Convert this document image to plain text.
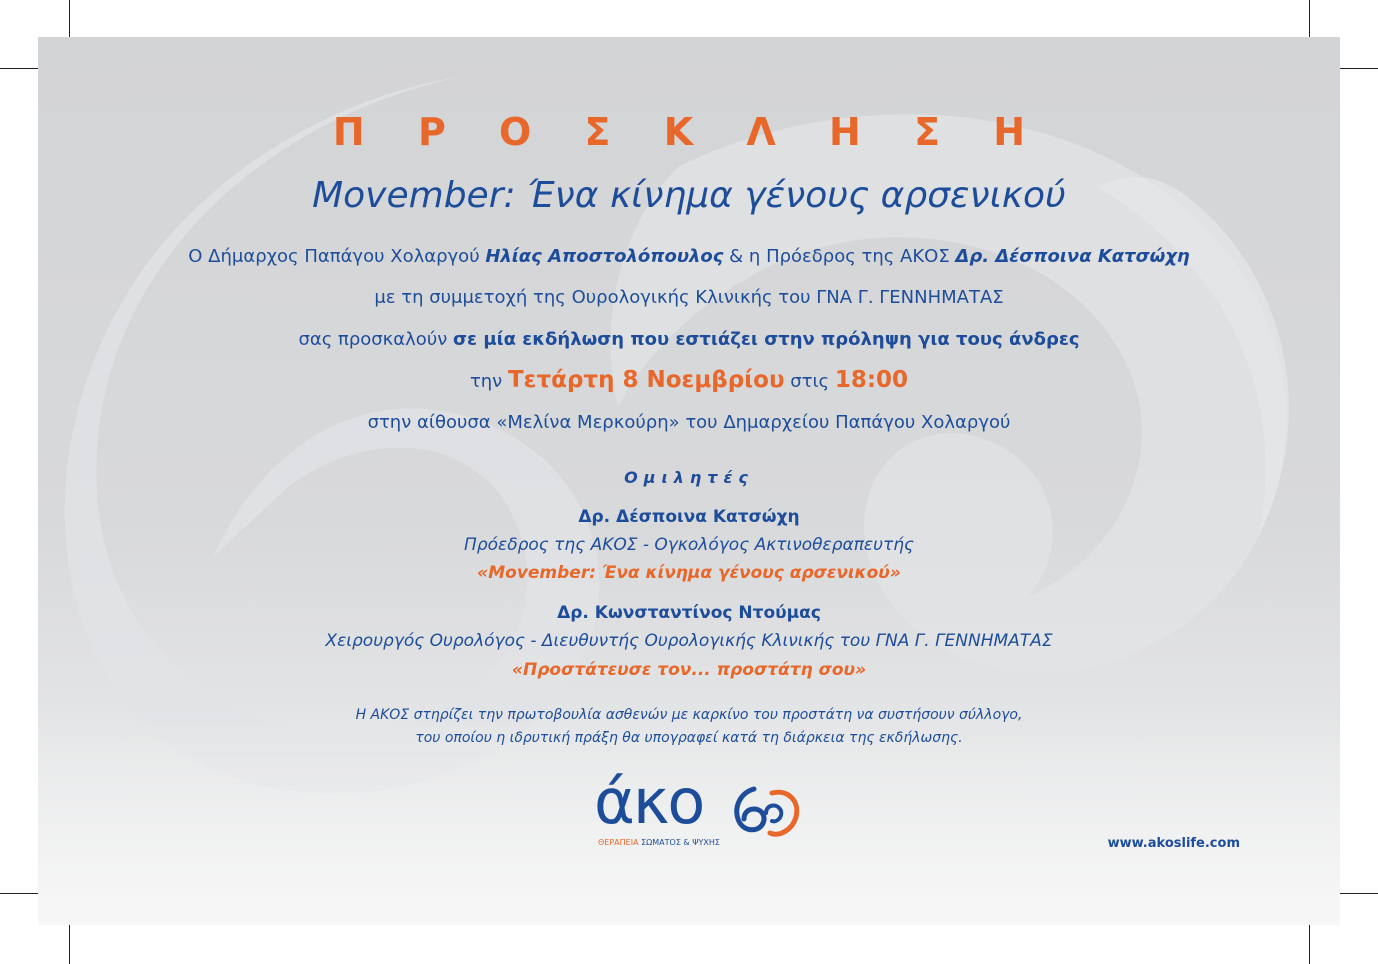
Π Ρ Ο Σ Κ Λ Η Σ Η
Movember: Ένα κίνημα γένους αρσενικού
Ο Δήμαρχος Παπάγου Χολαργού Ηλίας Αποστολόπουλος & η Πρόεδρος της ΑΚΟΣ Δρ. Δέσποινα Κατσώχη
με τη συμμετοχή της Ουρολογικής Κλινικής του ΓΝΑ Γ. ΓΕΝΝΗΜΑΤΑΣ
σας προσκαλούν σε μία εκδήλωση που εστιάζει στην πρόληψη για τους άνδρες
την Τετάρτη 8 Νοεμβρίου στις 18:00
στην αίθουσα «Μελίνα Μερκούρη» του Δημαρχείου Παπάγου Χολαργού
Ομιλητές
Δρ. Δέσποινα Κατσώχη
Πρόεδρος της ΑΚΟΣ - Ογκολόγος Ακτινοθεραπευτής
«Movember: Ένα κίνημα γένους αρσενικού»
Δρ. Κωνσταντίνος Ντούμας
Χειρουργός Ουρολόγος - Διευθυντής Ουρολογικής Κλινικής του ΓΝΑ Γ. ΓΕΝΝΗΜΑΤΑΣ
«Προστάτευσε τον... προστάτη σου»
Η ΑΚΟΣ στηρίζει την πρωτοβουλία ασθενών με καρκίνο του προστάτη να συστήσουν σύλλογο,
του οποίου η ιδρυτική πράξη θα υπογραφεί κατά τη διάρκεια της εκδήλωσης.
άκο
ΘΕΡΑΠΕΙΑ ΣΩΜΑΤΟΣ & ΨΥΧΗΣ	www.akoslife.com
